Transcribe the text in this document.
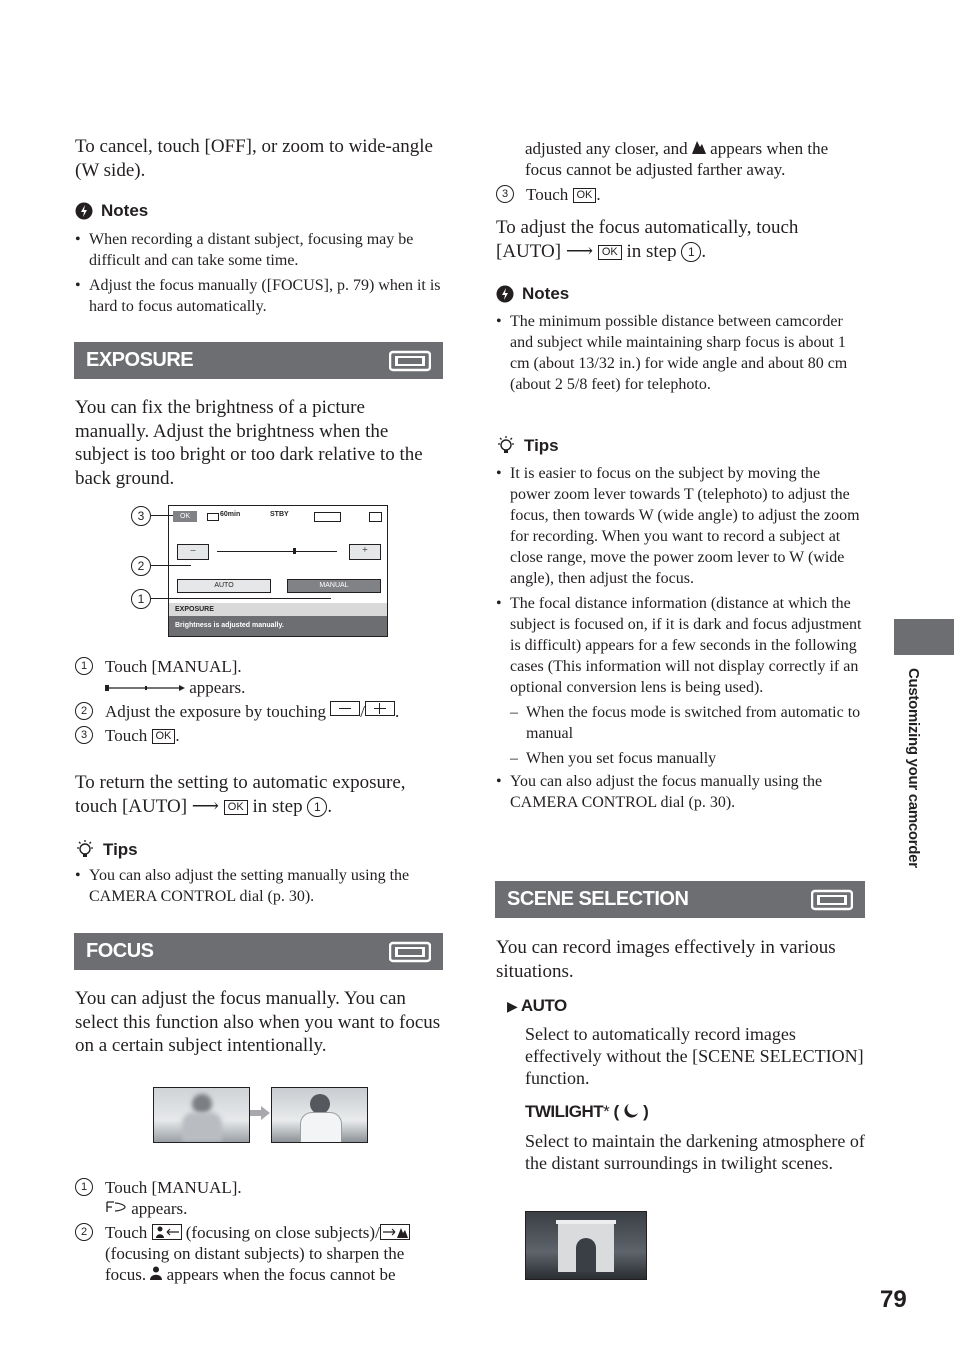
To cancel, touch [OFF], or zoom to wide-angle (W side).

Notes

• When recording a distant subject, focusing may be difficult and can take some time.

• Adjust the focus manually ([FOCUS], p. 79) when it is hard to focus automatically.

EXPOSURE

You can fix the brightness of a picture manually. Adjust the brightness when the subject is too bright or too dark relative to the back ground.

OK	60min	STBY
–	+
AUTO	MANUAL
EXPOSURE
Brightness is adjusted manually.
3
2
1
1	Touch [MANUAL].
appears.
2	Adjust the exposure by touching / .
3	Touch OK .

To return the setting to automatic exposure, touch [AUTO] ⟶ OK in step 1 .

Tips

• You can also adjust the setting manually using the CAMERA CONTROL dial (p. 30).

FOCUS

You can adjust the focus manually. You can select this function also when you want to focus on a certain subject intentionally.

1	Touch [MANUAL].
appears.
2	Touch (focusing on close subjects)/ (focusing on distant subjects) to sharpen the focus. appears when the focus cannot be

adjusted any closer, and appears when the focus cannot be adjusted farther away.

3	Touch OK .

To adjust the focus automatically, touch [AUTO] ⟶ OK in step 1 .

Notes

• The minimum possible distance between camcorder and subject while maintaining sharp focus is about 1 cm (about 13/32 in.) for wide angle and about 80 cm (about 2 5/8 feet) for telephoto.

Tips

• It is easier to focus on the subject by moving the power zoom lever towards T (telephoto) to adjust the focus, then towards W (wide angle) to adjust the zoom for recording. When you want to record a subject at close range, move the power zoom lever to W (wide angle), then adjust the focus.

• The focal distance information (distance at which the subject is focused on, if it is dark and focus adjustment is difficult) appears for a few seconds in the following cases (This information will not display correctly if an optional conversion lens is being used).

– When the focus mode is switched from automatic to manual

– When you set focus manually

• You can also adjust the focus manually using the CAMERA CONTROL dial (p. 30).

SCENE SELECTION

You can record images effectively in various situations.

▶ AUTO

Select to automatically record images effectively without the [SCENE SELECTION] function.

TWILIGHT* ( )

Select to maintain the darkening atmosphere of the distant surroundings in twilight scenes.

Customizing your camcorder
79
